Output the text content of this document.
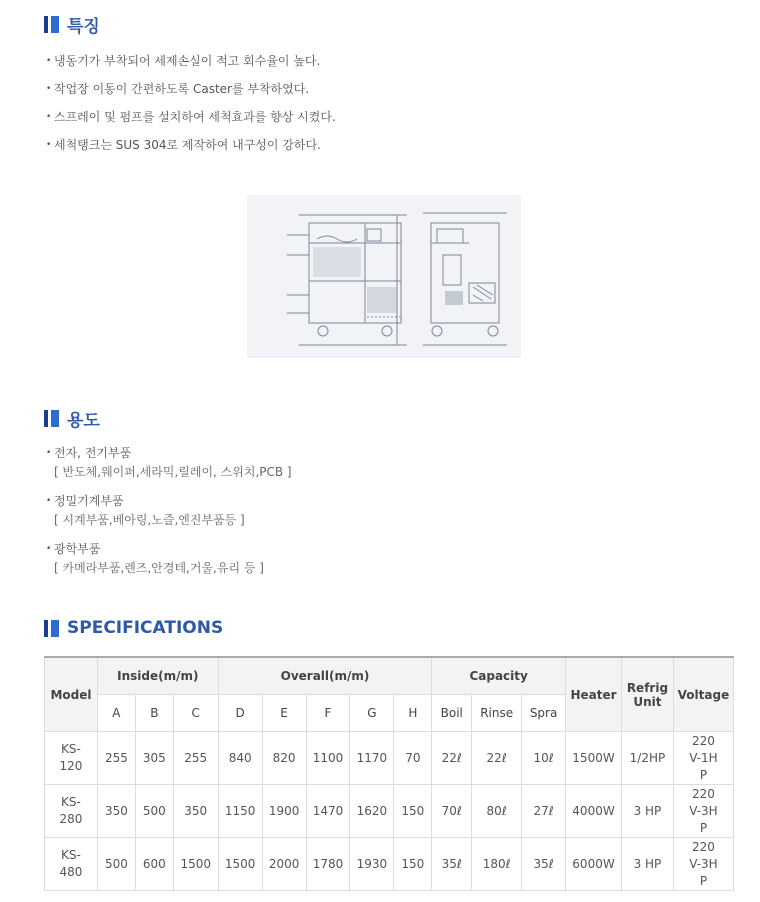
특징
• 냉동기가 부착되어 세제손실이 적고 회수율이 높다.
• 작업장 이동이 간편하도록 Caster를 부착하였다.
• 스프레이 및 펌프를 설치하여 세척효과를 향상 시켰다.
• 세척탱크는 SUS 304로 제작하여 내구성이 강하다.
용도
• 전자, 전기부품
[ 반도체,웨이퍼,세라믹,릴레이, 스위치,PCB ]
• 정밀기계부품
[ 시계부품,베아링,노즐,엔진부품등 ]
• 광학부품
[ 카메라부품,렌즈,안경테,거울,유리 등 ]
SPECIFICATIONS
Model	Inside(m/m)			Overall(m/m)					Capacity			Heater	Refrig Unit	Voltage
	A	B	C	D	E	F	G	H	Boil	Rinse	Spra			
KS-120	255	305	255	840	820	1100	1170	70	22ℓ	22ℓ	10ℓ	1500W	1/2HP	220V-1HP
KS-280	350	500	350	1150	1900	1470	1620	150	70ℓ	80ℓ	27ℓ	4000W	3 HP	220V-3HP
KS-480	500	600	1500	1500	2000	1780	1930	150	35ℓ	180ℓ	35ℓ	6000W	3 HP	220V-3HP
